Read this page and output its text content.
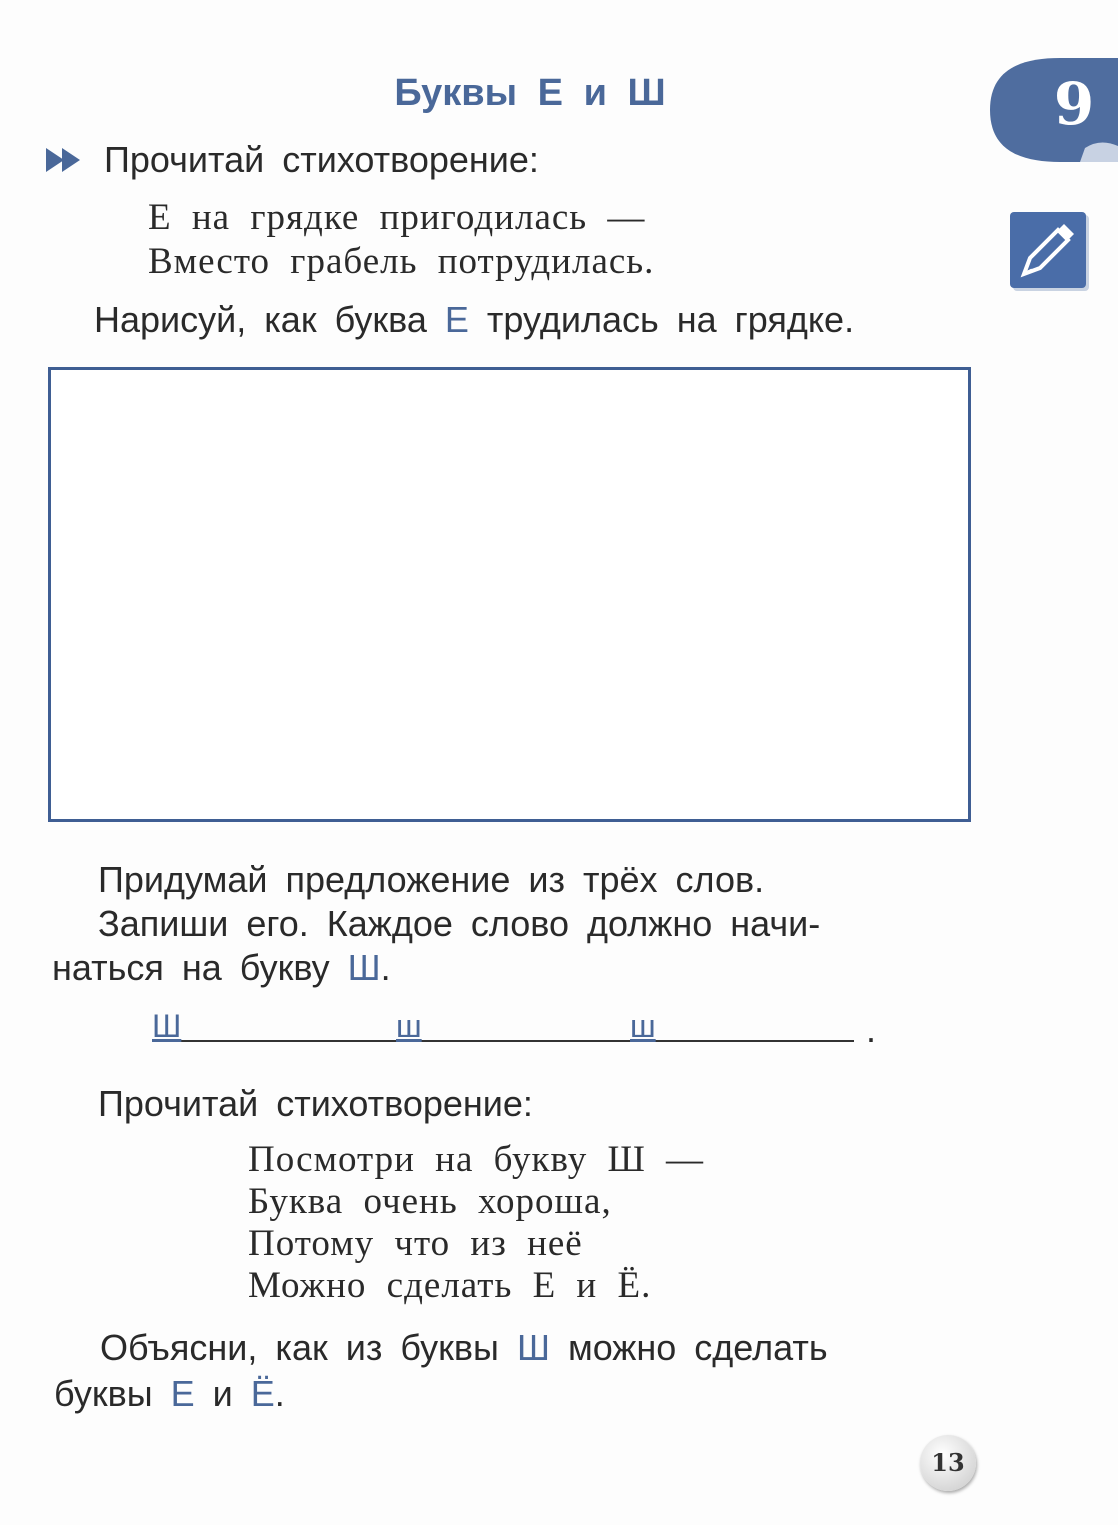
Буквы Е и Ш	9
Прочитай стихотворение:
Е на грядке пригодилась —
Вместо грабель потрудилась.
Нарисуй, как буква Е трудилась на грядке.
Придумай предложение из трёх слов.
Запиши его. Каждое слово должно начи-
наться на букву Ш.
Ш	ш	ш	.
Прочитай стихотворение:
Посмотри на букву Ш —
Буква очень хороша,
Потому что из неё
Можно сделать Е и Ё.
Объясни, как из буквы Ш можно сделать
буквы Е и Ё.
13
